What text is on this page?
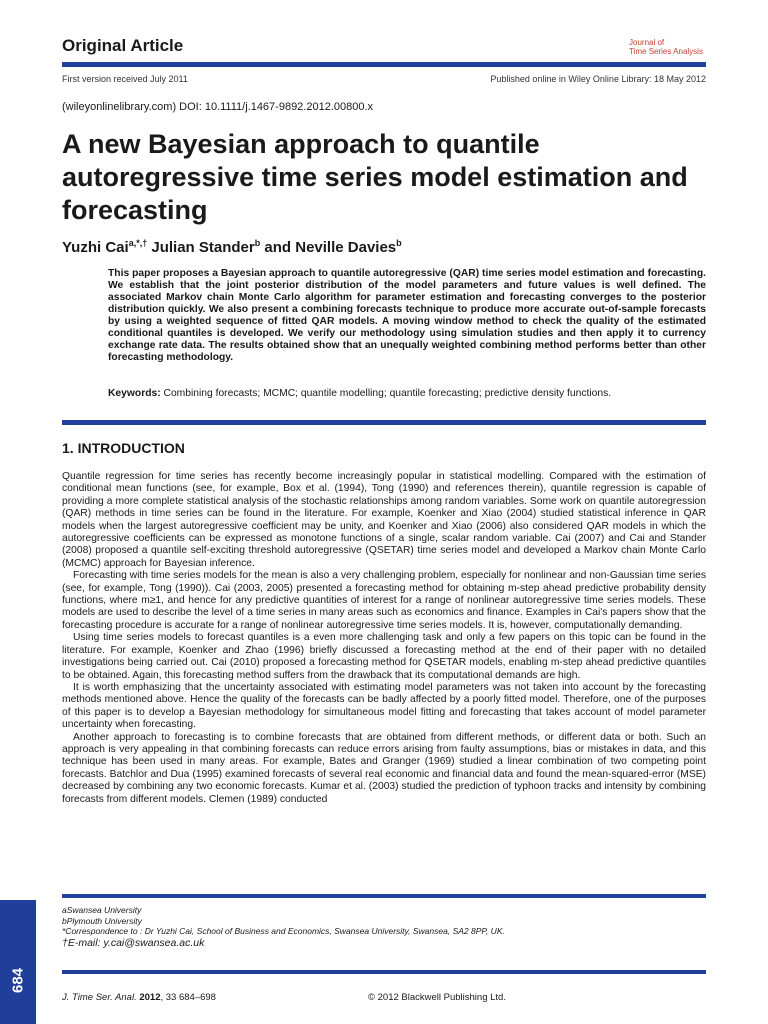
Original Article	Journal of
Time Series Analysis
First version received July 2011	Published online in Wiley Online Library: 18 May 2012
(wileyonlinelibrary.com) DOI: 10.1111/j.1467-9892.2012.00800.x
A new Bayesian approach to quantile autoregressive time series model estimation and forecasting
Yuzhi Cai$^{a,*,\dagger}$ Julian Stander$^b$ and Neville Davies$^b$
This paper proposes a Bayesian approach to quantile autoregressive (QAR) time series model estimation and forecasting. We establish that the joint posterior distribution of the model parameters and future values is well defined. The associated Markov chain Monte Carlo algorithm for parameter estimation and forecasting converges to the posterior distribution quickly. We also present a combining forecasts technique to produce more accurate out-of-sample forecasts by using a weighted sequence of fitted QAR models. A moving window method to check the quality of the estimated conditional quantiles is developed. We verify our methodology using simulation studies and then apply it to currency exchange rate data. The results obtained show that an unequally weighted combining method performs better than other forecasting methodology.
Keywords: Combining forecasts; MCMC; quantile modelling; quantile forecasting; predictive density functions.
1. INTRODUCTION

Quantile regression for time series has recently become increasingly popular in statistical modelling. Compared with the estimation of conditional mean functions (see, for example, Box et al. (1994), Tong (1990) and references therein), quantile regression is capable of providing a more complete statistical analysis of the stochastic relationships among random variables. Some work on quantile autoregression (QAR) methods in time series can be found in the literature. For example, Koenker and Xiao (2004) studied statistical inference in QAR models when the largest autoregressive coefficient may be unity, and Koenker and Xiao (2006) also considered QAR models in which the autoregressive coefficients can be expressed as monotone functions of a single, scalar random variable. Cai (2007) and Cai and Stander (2008) proposed a quantile self-exciting threshold autoregressive (QSETAR) time series model and developed a Markov chain Monte Carlo (MCMC) approach for Bayesian inference.

Forecasting with time series models for the mean is also a very challenging problem, especially for nonlinear and non-Gaussian time series (see, for example, Tong (1990)). Cai (2003, 2005) presented a forecasting method for obtaining m-step ahead predictive probability density functions, where m≥1, and hence for any predictive quantities of interest for a range of nonlinear autoregressive time series models. These models are used to describe the level of a time series in many areas such as economics and finance. Examples in Cai's papers show that the forecasting procedure is accurate for a range of nonlinear autoregressive time series models. It is, however, computationally demanding.

Using time series models to forecast quantiles is a even more challenging task and only a few papers on this topic can be found in the literature. For example, Koenker and Zhao (1996) briefly discussed a forecasting method at the end of their paper with no detailed investigations being carried out. Cai (2010) proposed a forecasting method for QSETAR models, enabling m-step ahead predictive quantiles to be obtained. Again, this forecasting method suffers from the drawback that its computational demands are high.

It is worth emphasizing that the uncertainty associated with estimating model parameters was not taken into account by the forecasting methods mentioned above. Hence the quality of the forecasts can be badly affected by a poorly fitted model. Therefore, one of the purposes of this paper is to develop a Bayesian methodology for simultaneous model fitting and forecasting that takes account of model parameter uncertainty when forecasting.

Another approach to forecasting is to combine forecasts that are obtained from different methods, or different data or both. Such an approach is very appealing in that combining forecasts can reduce errors arising from faulty assumptions, bias or mistakes in data, and this technique has been used in many areas. For example, Bates and Granger (1969) studied a linear combination of two competing point forecasts. Batchlor and Dua (1995) examined forecasts of several real economic and financial data and found the mean-squared-error (MSE) decreased by combining any two economic forecasts. Kumar et al. (2003) studied the prediction of typhoon tracks and intensity by combining forecasts from different models. Clemen (1989) conducted

aSwansea University
bPlymouth University
*Correspondence to : Dr Yuzhi Cai, School of Business and Economics, Swansea University, Swansea, SA2 8PP, UK.
†E-mail: y.cai@swansea.ac.uk
684
J. Time Ser. Anal. 2012, 33 684–698	© 2012 Blackwell Publishing Ltd.
